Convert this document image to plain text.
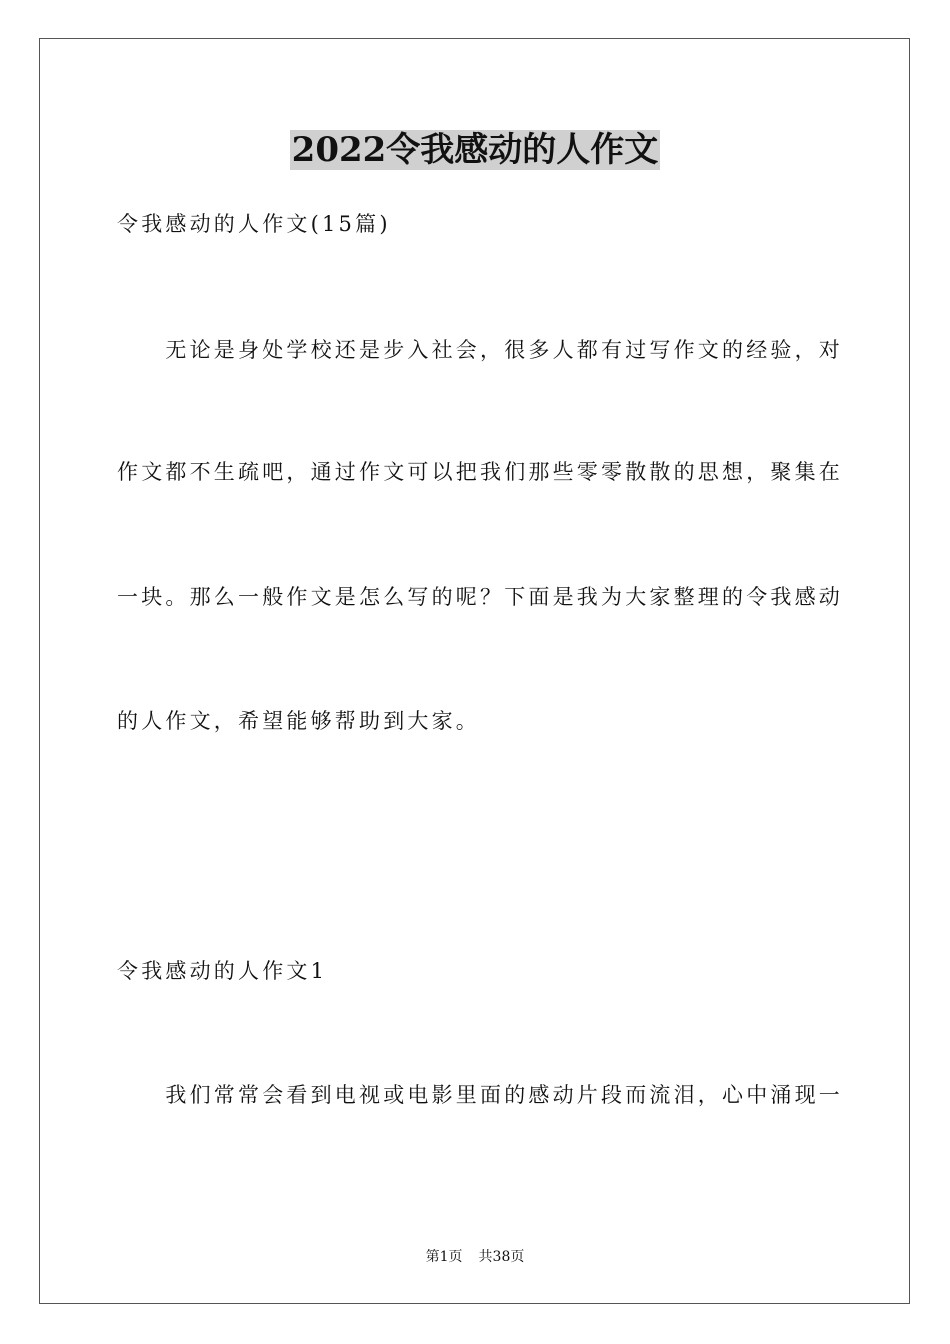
2022令我感动的人作文
令我感动的人作文(15篇)
　　无论是身处学校还是步入社会，很多人都有过写作文的经验，对
作文都不生疏吧，通过作文可以把我们那些零零散散的思想，聚集在
一块。那么一般作文是怎么写的呢？下面是我为大家整理的令我感动
的人作文，希望能够帮助到大家。
令我感动的人作文1
　　我们常常会看到电视或电影里面的感动片段而流泪，心中涌现一
第1页 共38页
